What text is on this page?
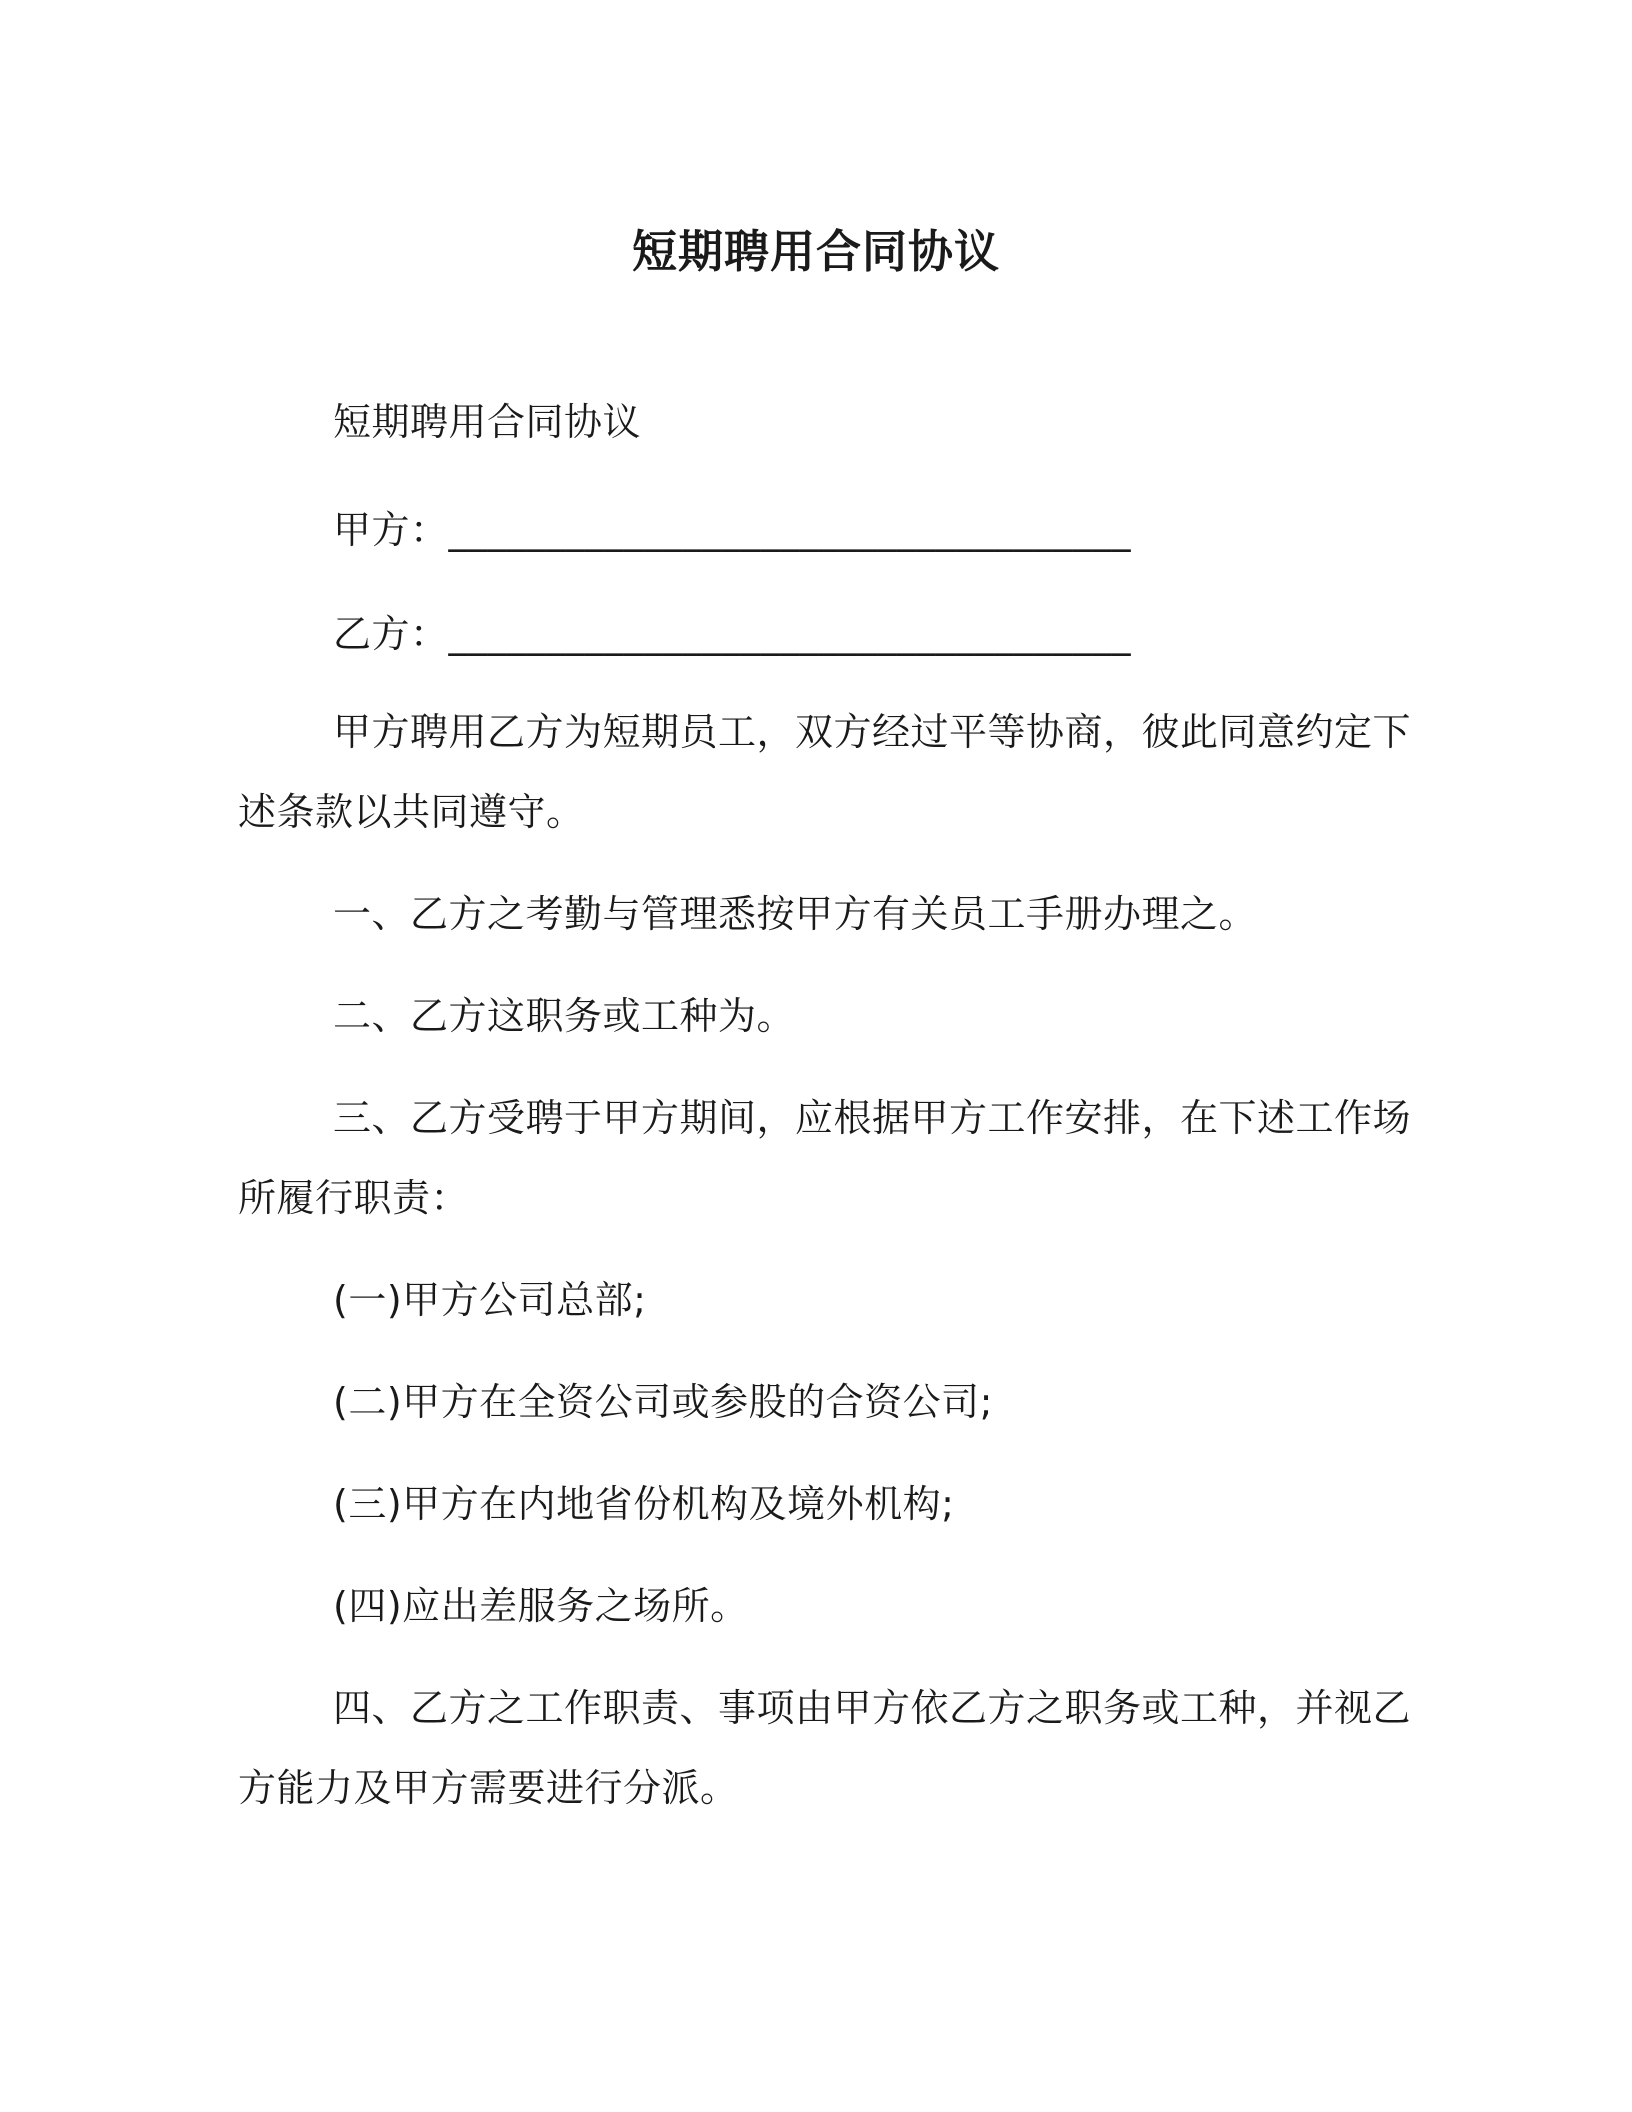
短期聘用合同协议
短期聘用合同协议
甲方：___________________________________
乙方：___________________________________
甲方聘用乙方为短期员工，双方经过平等协商，彼此同意约定下
述条款以共同遵守。
一、乙方之考勤与管理悉按甲方有关员工手册办理之。
二、乙方这职务或工种为。
三、乙方受聘于甲方期间，应根据甲方工作安排，在下述工作场
所履行职责：
(一)甲方公司总部;
(二)甲方在全资公司或参股的合资公司;
(三)甲方在内地省份机构及境外机构;
(四)应出差服务之场所。
四、乙方之工作职责、事项由甲方依乙方之职务或工种，并视乙
方能力及甲方需要进行分派。
